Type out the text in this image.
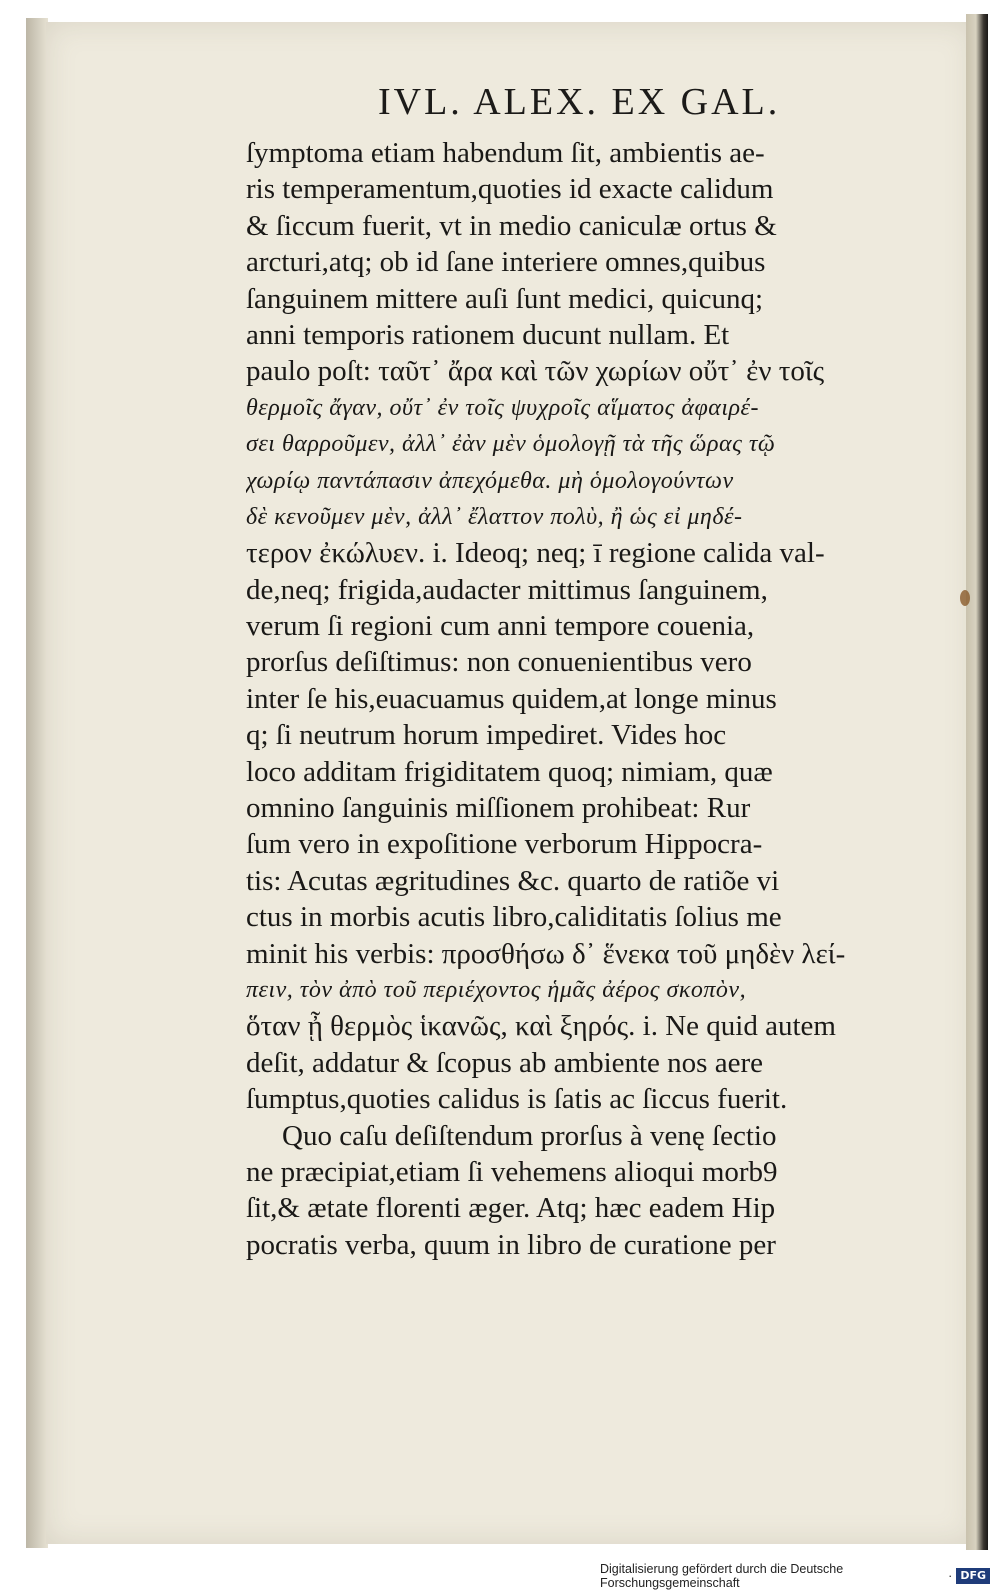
IVL. ALEX. EX GAL.
ſymptoma etiam habendum ſit, ambientis ae-
ris temperamentum,quoties id exacte calidum
& ſiccum fuerit, vt in medio caniculæ ortus &
arcturi,atq; ob id ſane interiere omnes,quibus
ſanguinem mittere auſi ſunt medici, quicunq;
anni temporis rationem ducunt nullam. Et
paulo poſt: ταῦτ᾽ ἄρα καὶ τῶν χωρίων οὔτ᾽ ἐν τοῖς
θερμοῖς ἄγαν, οὔτ᾽ ἐν τοῖς ψυχροῖς αἵματος ἀφαιρέ-
σει θαρροῦμεν, ἀλλ᾽ ἐὰν μὲν ὁμολογῇ τὰ τῆς ὥρας τῷ
χωρίῳ παντάπασιν ἀπεχόμεθα. μὴ ὁμολογούντων
δὲ κενοῦμεν μὲν, ἀλλ᾽ ἔλαττον πολὺ, ἢ ὡς εἰ μηδέ-
τερον ἐκώλυεν. i. Ideoq; neq; ī regione calida val-
de,neq; frigida,audacter mittimus ſanguinem,
verum ſi regioni cum anni tempore couenia,
prorſus deſiſtimus: non conuenientibus vero
inter ſe his,euacuamus quidem,at longe minus
q; ſi neutrum horum impediret. Vides hoc
loco additam frigiditatem quoq; nimiam, quæ
omnino ſanguinis miſſionem prohibeat: Rur
ſum vero in expoſitione verborum Hippocra-
tis: Acutas ægritudines &c. quarto de ratiõe vi
ctus in morbis acutis libro,caliditatis ſolius me
minit his verbis: προσθήσω δ᾽ ἕνεκα τοῦ μηδὲν λεί-
πειν, τὸν ἀπὸ τοῦ περιέχοντος ἡμᾶς ἀέρος σκοπὸν,
ὅταν ᾖ θερμὸς ἱκανῶς, καὶ ξηρός. i. Ne quid autem
deſit, addatur & ſcopus ab ambiente nos aere
ſumptus,quoties calidus is ſatis ac ſiccus fuerit.
Quo caſu deſiſtendum prorſus à venę ſectio
ne præcipiat,etiam ſi vehemens alioqui morb9
ſit,& ætate florenti æger. Atq; hæc eadem Hip
pocratis verba, quum in libro de curatione per
Digitalisierung gefördert durch die Deutsche Forschungsgemeinschaft	· DFG
